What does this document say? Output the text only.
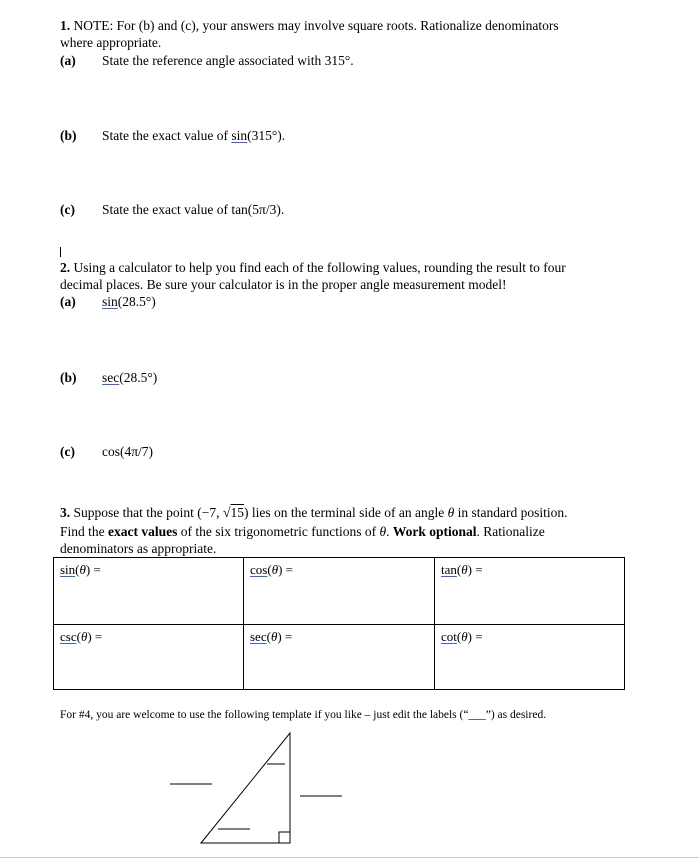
1. NOTE: For (b) and (c), your answers may involve square roots. Rationalize denominators
where appropriate.
(a) State the reference angle associated with 315°.
(b) State the exact value of sin(315°).
(c) State the exact value of tan(5π/3).
2. Using a calculator to help you find each of the following values, rounding the result to four
decimal places. Be sure your calculator is in the proper angle measurement model!
(a) sin(28.5°)
(b) sec(28.5°)
(c) cos(4π/7)
3. Suppose that the point (−7, √15) lies on the terminal side of an angle θ in standard position.
Find the exact values of the six trigonometric functions of θ. Work optional. Rationalize
denominators as appropriate.
sin(θ) =	cos(θ) =	tan(θ) =
csc(θ) =	sec(θ) =	cot(θ) =
For #4, you are welcome to use the following template if you like – just edit the labels (“___”) as desired.
